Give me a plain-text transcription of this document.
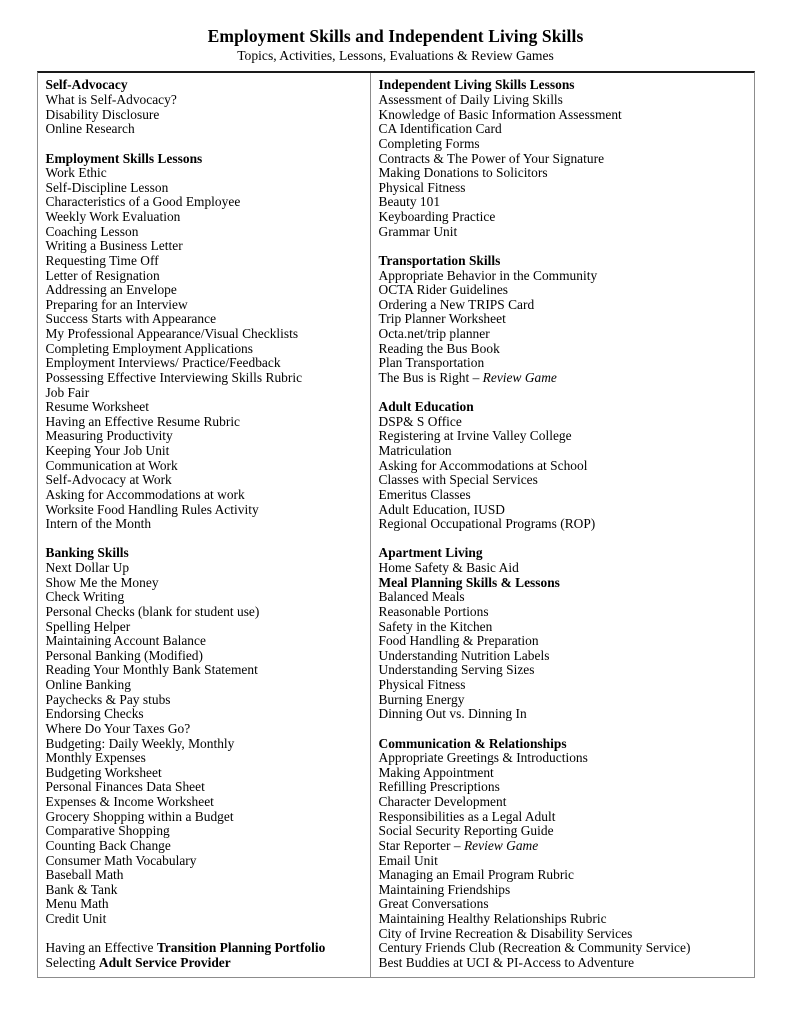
Employment Skills and Independent Living Skills
Topics, Activities, Lessons, Evaluations & Review Games
Self-Advocacy
What is Self-Advocacy?
Disability Disclosure
Online Research

Employment Skills Lessons
Work Ethic
Self-Discipline Lesson
Characteristics of a Good Employee
Weekly Work Evaluation
Coaching Lesson
Writing a Business Letter
Requesting Time Off
Letter of Resignation
Addressing an Envelope
Preparing for an Interview
Success Starts with Appearance
My Professional Appearance/Visual Checklists
Completing Employment Applications
Employment Interviews/ Practice/Feedback
Possessing Effective Interviewing Skills Rubric
Job Fair
Resume Worksheet
Having an Effective Resume Rubric
Measuring Productivity
Keeping Your Job Unit
Communication at Work
Self-Advocacy at Work
Asking for Accommodations at work
Worksite Food Handling Rules Activity
Intern of the Month

Banking Skills
Next Dollar Up
Show Me the Money
Check Writing
Personal Checks (blank for student use)
Spelling Helper
Maintaining Account Balance
Personal Banking (Modified)
Reading Your Monthly Bank Statement
Online Banking
Paychecks & Pay stubs
Endorsing Checks
Where Do Your Taxes Go?
Budgeting: Daily Weekly, Monthly
Monthly Expenses
Budgeting Worksheet
Personal Finances Data Sheet
Expenses & Income Worksheet
Grocery Shopping within a Budget
Comparative Shopping
Counting Back Change
Consumer Math Vocabulary
Baseball Math
Bank & Tank
Menu Math
Credit Unit

Having an Effective Transition Planning Portfolio
Selecting Adult Service Provider
Independent Living Skills Lessons
Assessment of Daily Living Skills
Knowledge of Basic Information Assessment
CA Identification Card
Completing Forms
Contracts & The Power of Your Signature
Making Donations to Solicitors
Physical Fitness
Beauty 101
Keyboarding Practice
Grammar Unit

Transportation Skills
Appropriate Behavior in the Community
OCTA Rider Guidelines
Ordering a New TRIPS Card
Trip Planner Worksheet
Octa.net/trip planner
Reading the Bus Book
Plan Transportation
The Bus is Right – Review Game

Adult Education
DSP& S Office
Registering at Irvine Valley College
Matriculation
Asking for Accommodations at School
Classes with Special Services
Emeritus Classes
Adult Education, IUSD
Regional Occupational Programs (ROP)

Apartment Living
Home Safety & Basic Aid
Meal Planning Skills & Lessons
Balanced Meals
Reasonable Portions
Safety in the Kitchen
Food Handling & Preparation
Understanding Nutrition Labels
Understanding Serving Sizes
Physical Fitness
Burning Energy
Dinning Out vs. Dinning In

Communication & Relationships
Appropriate Greetings & Introductions
Making Appointment
Refilling Prescriptions
Character Development
Responsibilities as a Legal Adult
Social Security Reporting Guide
Star Reporter – Review Game
Email Unit
Managing an Email Program Rubric
Maintaining Friendships
Great Conversations
Maintaining Healthy Relationships Rubric
City of Irvine Recreation & Disability Services
Century Friends Club (Recreation & Community Service)
Best Buddies at UCI & PI-Access to Adventure
